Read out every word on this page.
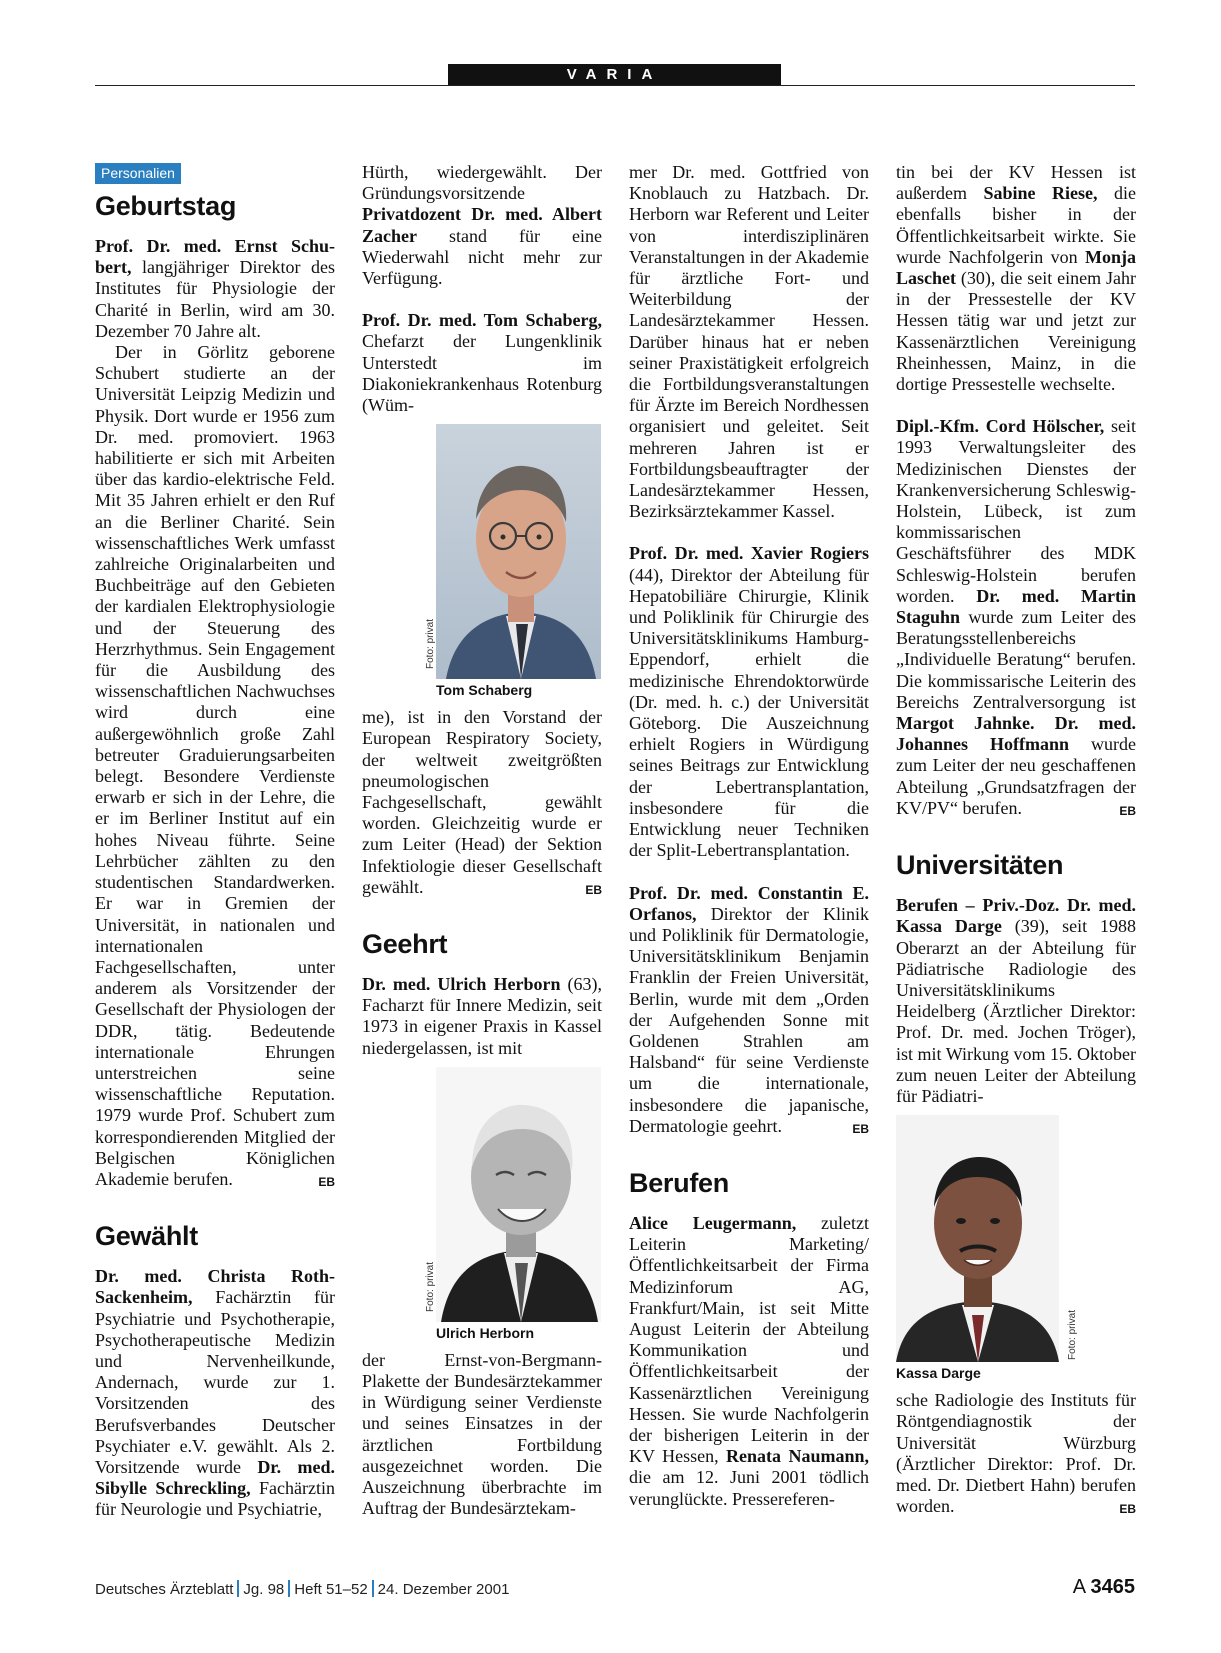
VARIA
Personalien
Geburtstag

Prof. Dr. med. Ernst Schu-bert, langjähriger Direktor des Institutes für Physiologie der Charité in Berlin, wird am 30. Dezember 70 Jahre alt.

Der in Görlitz geborene Schubert studierte an der Universität Leipzig Medizin und Physik. Dort wurde er 1956 zum Dr. med. promoviert. 1963 habilitierte er sich mit Arbeiten über das kardio-elektrische Feld. Mit 35 Jahren erhielt er den Ruf an die Berliner Charité. Sein wissenschaftliches Werk umfasst zahlreiche Originalarbeiten und Buchbeiträge auf den Gebieten der kardialen Elektrophysiologie und der Steuerung des Herzrhythmus. Sein Engagement für die Ausbildung des wissenschaftlichen Nachwuchses wird durch eine außergewöhnlich große Zahl betreuter Graduierungsarbeiten belegt. Besondere Verdienste erwarb er sich in der Lehre, die er im Berliner Institut auf ein hohes Niveau führte. Seine Lehrbücher zählten zu den studentischen Standardwerken. Er war in Gremien der Universität, in nationalen und internationalen Fachgesellschaften, unter anderem als Vorsitzender der Gesellschaft der Physiologen der DDR, tätig. Bedeutende internationale Ehrungen unterstreichen seine wissenschaftliche Reputation. 1979 wurde Prof. Schubert zum korrespondierenden Mitglied der Belgischen Königlichen Akademie berufen.	EB

Gewählt

Dr. med. Christa Roth-Sackenheim, Fachärztin für Psychiatrie und Psychotherapie, Psychotherapeutische Medizin und Nervenheilkunde, Andernach, wurde zur 1. Vorsitzenden des Berufsverbandes Deutscher Psychiater e.V. gewählt. Als 2. Vorsitzende wurde Dr. med. Sibylle Schreckling, Fachärztin für Neurologie und Psychiatrie,

Hürth, wiedergewählt. Der Gründungsvorsitzende Privatdozent Dr. med. Albert Zacher stand für eine Wiederwahl nicht mehr zur Verfügung.

Prof. Dr. med. Tom Schaberg, Chefarzt der Lungenklinik Unterstedt im Diakoniekrankenhaus Rotenburg (Wüm-

Foto: privat
Tom Schaberg

me), ist in den Vorstand der European Respiratory Society, der weltweit zweitgrößten pneumologischen Fachgesellschaft, gewählt worden. Gleichzeitig wurde er zum Leiter (Head) der Sektion Infektiologie dieser Gesellschaft gewählt.	EB

Geehrt

Dr. med. Ulrich Herborn (63), Facharzt für Innere Medizin, seit 1973 in eigener Praxis in Kassel niedergelassen, ist mit

Foto: privat
Ulrich Herborn

der Ernst-von-Bergmann-Plakette der Bundesärztekammer in Würdigung seiner Verdienste und seines Einsatzes in der ärztlichen Fortbildung ausgezeichnet worden. Die Auszeichnung überbrachte im Auftrag der Bundesärztekam-

mer Dr. med. Gottfried von Knoblauch zu Hatzbach. Dr. Herborn war Referent und Leiter von interdisziplinären Veranstaltungen in der Akademie für ärztliche Fort- und Weiterbildung der Landesärztekammer Hessen. Darüber hinaus hat er neben seiner Praxistätigkeit erfolgreich die Fortbildungsveranstaltungen für Ärzte im Bereich Nordhessen organisiert und geleitet. Seit mehreren Jahren ist er Fortbildungsbeauftragter der Landesärztekammer Hessen, Bezirksärztekammer Kassel.

Prof. Dr. med. Xavier Rogiers (44), Direktor der Abteilung für Hepatobiliäre Chirurgie, Klinik und Poliklinik für Chirurgie des Universitätsklinikums Hamburg-Eppendorf, erhielt die medizinische Ehrendoktorwürde (Dr. med. h. c.) der Universität Göteborg. Die Auszeichnung erhielt Rogiers in Würdigung seines Beitrags zur Entwicklung der Lebertransplantation, insbesondere für die Entwicklung neuer Techniken der Split-Lebertransplantation.

Prof. Dr. med. Constantin E. Orfanos, Direktor der Klinik und Poliklinik für Dermatologie, Universitätsklinikum Benjamin Franklin der Freien Universität, Berlin, wurde mit dem „Orden der Aufgehenden Sonne mit Goldenen Strahlen am Halsband“ für seine Verdienste um die internationale, insbesondere die japanische, Dermatologie geehrt.	EB

Berufen

Alice Leugermann, zuletzt Leiterin Marketing/Öffentlichkeitsarbeit der Firma Medizinforum AG, Frankfurt/Main, ist seit Mitte August Leiterin der Abteilung Kommunikation und Öffentlichkeitsarbeit der Kassenärztlichen Vereinigung Hessen. Sie wurde Nachfolgerin der bisherigen Leiterin in der KV Hessen, Renata Naumann, die am 12. Juni 2001 tödlich verunglückte. Pressereferen-

tin bei der KV Hessen ist außerdem Sabine Riese, die ebenfalls bisher in der Öffentlichkeitsarbeit wirkte. Sie wurde Nachfolgerin von Monja Laschet (30), die seit einem Jahr in der Pressestelle der KV Hessen tätig war und jetzt zur Kassenärztlichen Vereinigung Rheinhessen, Mainz, in die dortige Pressestelle wechselte.

Dipl.-Kfm. Cord Hölscher, seit 1993 Verwaltungsleiter des Medizinischen Dienstes der Krankenversicherung Schleswig-Holstein, Lübeck, ist zum kommissarischen Geschäftsführer des MDK Schleswig-Holstein berufen worden. Dr. med. Martin Staguhn wurde zum Leiter des Beratungsstellenbereichs „Individuelle Beratung“ berufen. Die kommissarische Leiterin des Bereichs Zentralversorgung ist Margot Jahnke. Dr. med. Johannes Hoffmann wurde zum Leiter der neu geschaffenen Abteilung „Grundsatzfragen der KV/PV“ berufen.	EB

Universitäten

Berufen – Priv.-Doz. Dr. med. Kassa Darge (39), seit 1988 Oberarzt an der Abteilung für Pädiatrische Radiologie des Universitätsklinikums Heidelberg (Ärztlicher Direktor: Prof. Dr. med. Jochen Tröger), ist mit Wirkung vom 15. Oktober zum neuen Leiter der Abteilung für Pädiatri-

Foto: privat
Kassa Darge

sche Radiologie des Instituts für Röntgendiagnostik der Universität Würzburg (Ärztlicher Direktor: Prof. Dr. med. Dr. Dietbert Hahn) berufen worden.	EB

Deutsches Ärzteblatt Jg. 98 Heft 51–52 24. Dezember 2001	A 3465
